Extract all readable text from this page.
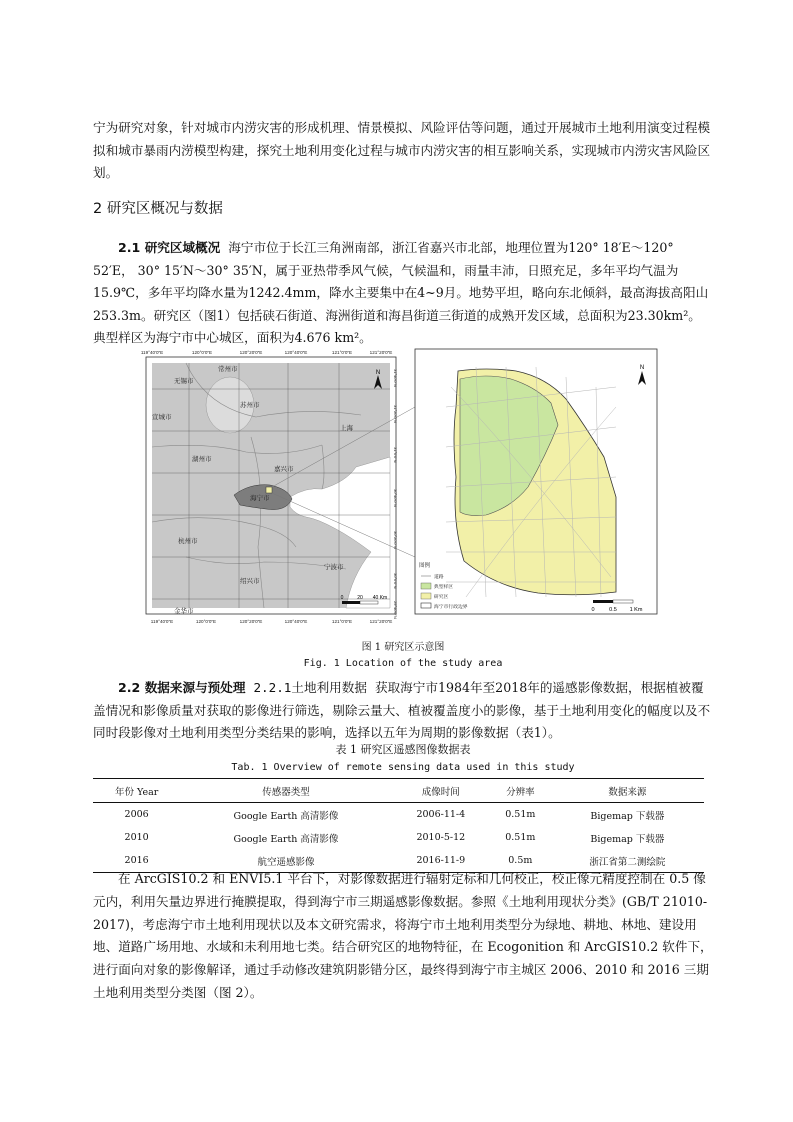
宁为研究对象，针对城市内涝灾害的形成机理、情景模拟、风险评估等问题，通过开展城市土地利用演变过程模拟和城市暴雨内涝模型构建，探究土地利用变化过程与城市内涝灾害的相互影响关系，实现城市内涝灾害风险区划。

2 研究区概况与数据

2.1 研究区域概况 海宁市位于长江三角洲南部，浙江省嘉兴市北部，地理位置为120° 18′E～120° 52′E， 30° 15′N～30° 35′N，属于亚热带季风气候，气候温和，雨量丰沛，日照充足，多年平均气温为15.9℃，多年平均降水量为1242.4mm，降水主要集中在4~9月。地势平坦，略向东北倾斜，最高海拔高阳山253.3m。研究区（图1）包括硖石街道、海洲街道和海昌街道三街道的成熟开发区域，总面积为23.30km²。典型样区为海宁市中心城区，面积为4.676 km²。

119°40′0″E	120°0′0″E	120°20′0″E	120°40′0″E	121°0′0″E	121°20′0″E
119°40′0″E	120°0′0″E	120°20′0″E	120°40′0″E	121°0′0″E	121°20′0″E
31°40′0″N
31°20′0″N
31°0′0″N
30°40′0″N
30°20′0″N
30°0′0″N
29°40′0″N
常州市
无锡市
苏州市
宣城市
上海
湖州市
嘉兴市
海宁市
杭州市
宁波市
绍兴市
金华市
N
0	20 40 Km
N
图例
道路
典型样区
研究区
海宁市行政边界	0	0.5 1 Km

图 1 研究区示意图

Fig. 1 Location of the study area

2.2 数据来源与预处理 2.2.1土地利用数据 获取海宁市1984年至2018年的遥感影像数据，根据植被覆盖情况和影像质量对获取的影像进行筛选，剔除云量大、植被覆盖度小的影像，基于土地利用变化的幅度以及不同时段影像对土地利用类型分类结果的影响，选择以五年为周期的影像数据（表1）。

表 1 研究区遥感图像数据表

Tab. 1 Overview of remote sensing data used in this study

年份 Year	传感器类型	成像时间	分辨率	数据来源
2006	Google Earth 高清影像	2006-11-4	0.51m	Bigemap 下载器
2010	Google Earth 高清影像	2010-5-12	0.51m	Bigemap 下载器
2016	航空遥感影像	2016-11-9	0.5m	浙江省第二测绘院

在 ArcGIS10.2 和 ENVI5.1 平台下，对影像数据进行辐射定标和几何校正，校正像元精度控制在 0.5 像元内，利用矢量边界进行掩膜提取，得到海宁市三期遥感影像数据。参照《土地利用现状分类》(GB/T 21010-2017)，考虑海宁市土地利用现状以及本文研究需求，将海宁市土地利用类型分为绿地、耕地、林地、建设用地、道路广场用地、水域和未利用地七类。结合研究区的地物特征，在 Ecogonition 和 ArcGIS10.2 软件下，进行面向对象的影像解译，通过手动修改建筑阴影错分区，最终得到海宁市主城区 2006、2010 和 2016 三期土地利用类型分类图（图 2）。
